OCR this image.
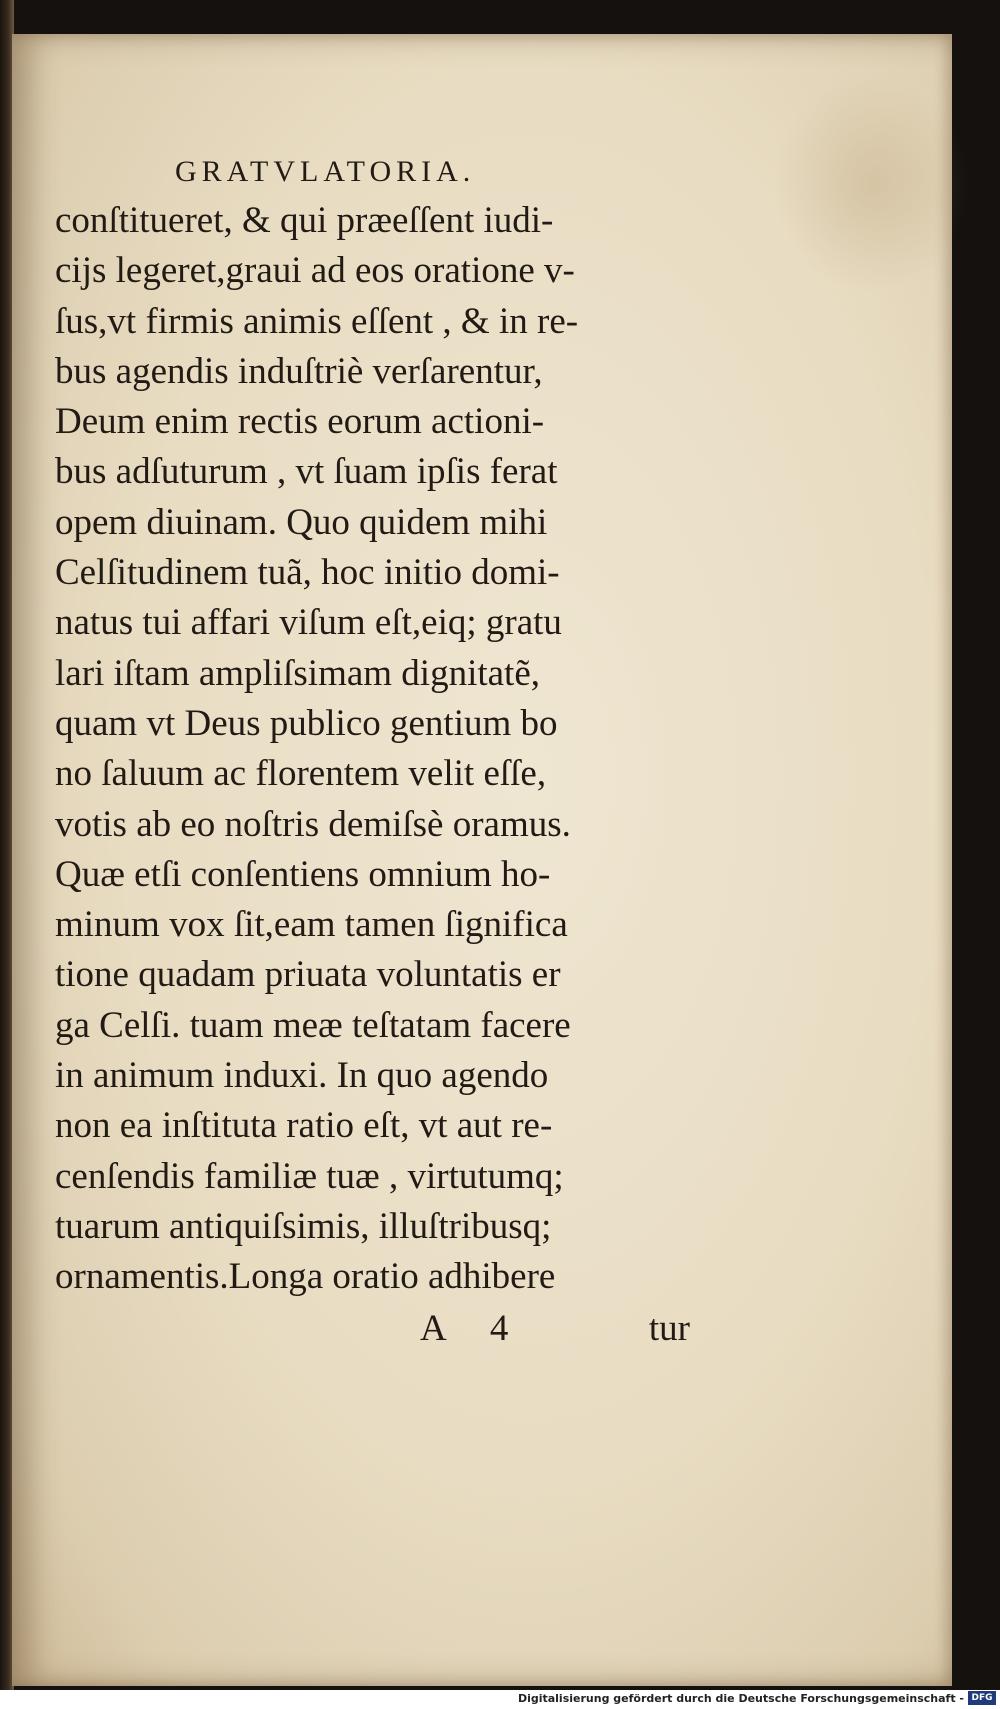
GRATVLATORIA.
conſtitueret, & qui præeſſent iudi-
cijs legeret,graui ad eos oratione v-
ſus,vt firmis animis eſſent , & in re-
bus agendis induſtriè verſarentur,
Deum enim rectis eorum actioni-
bus adſuturum , vt ſuam ipſis ferat
opem diuinam. Quo quidem mihi
Celſitudinem tuã, hoc initio domi-
natus tui affari viſum eſt,eiq; gratu
lari iſtam ampliſsimam dignitatẽ,
quam vt Deus publico gentium bo
no ſaluum ac florentem velit eſſe,
votis ab eo noſtris demiſsè oramus.
Quæ etſi conſentiens omnium ho-
minum vox ſit,eam tamen ſignifica
tione quadam priuata voluntatis er
ga Celſi. tuam meæ teſtatam facere
in animum induxi. In quo agendo
non ea inſtituta ratio eſt, vt aut re-
cenſendis familiæ tuæ , virtutumq;
tuarum antiquiſsimis, illuſtribusq;
ornamentis.Longa oratio adhibere
A 4	tur
Digitalisierung gefördert durch die Deutsche Forschungsgemeinschaft - DFG
